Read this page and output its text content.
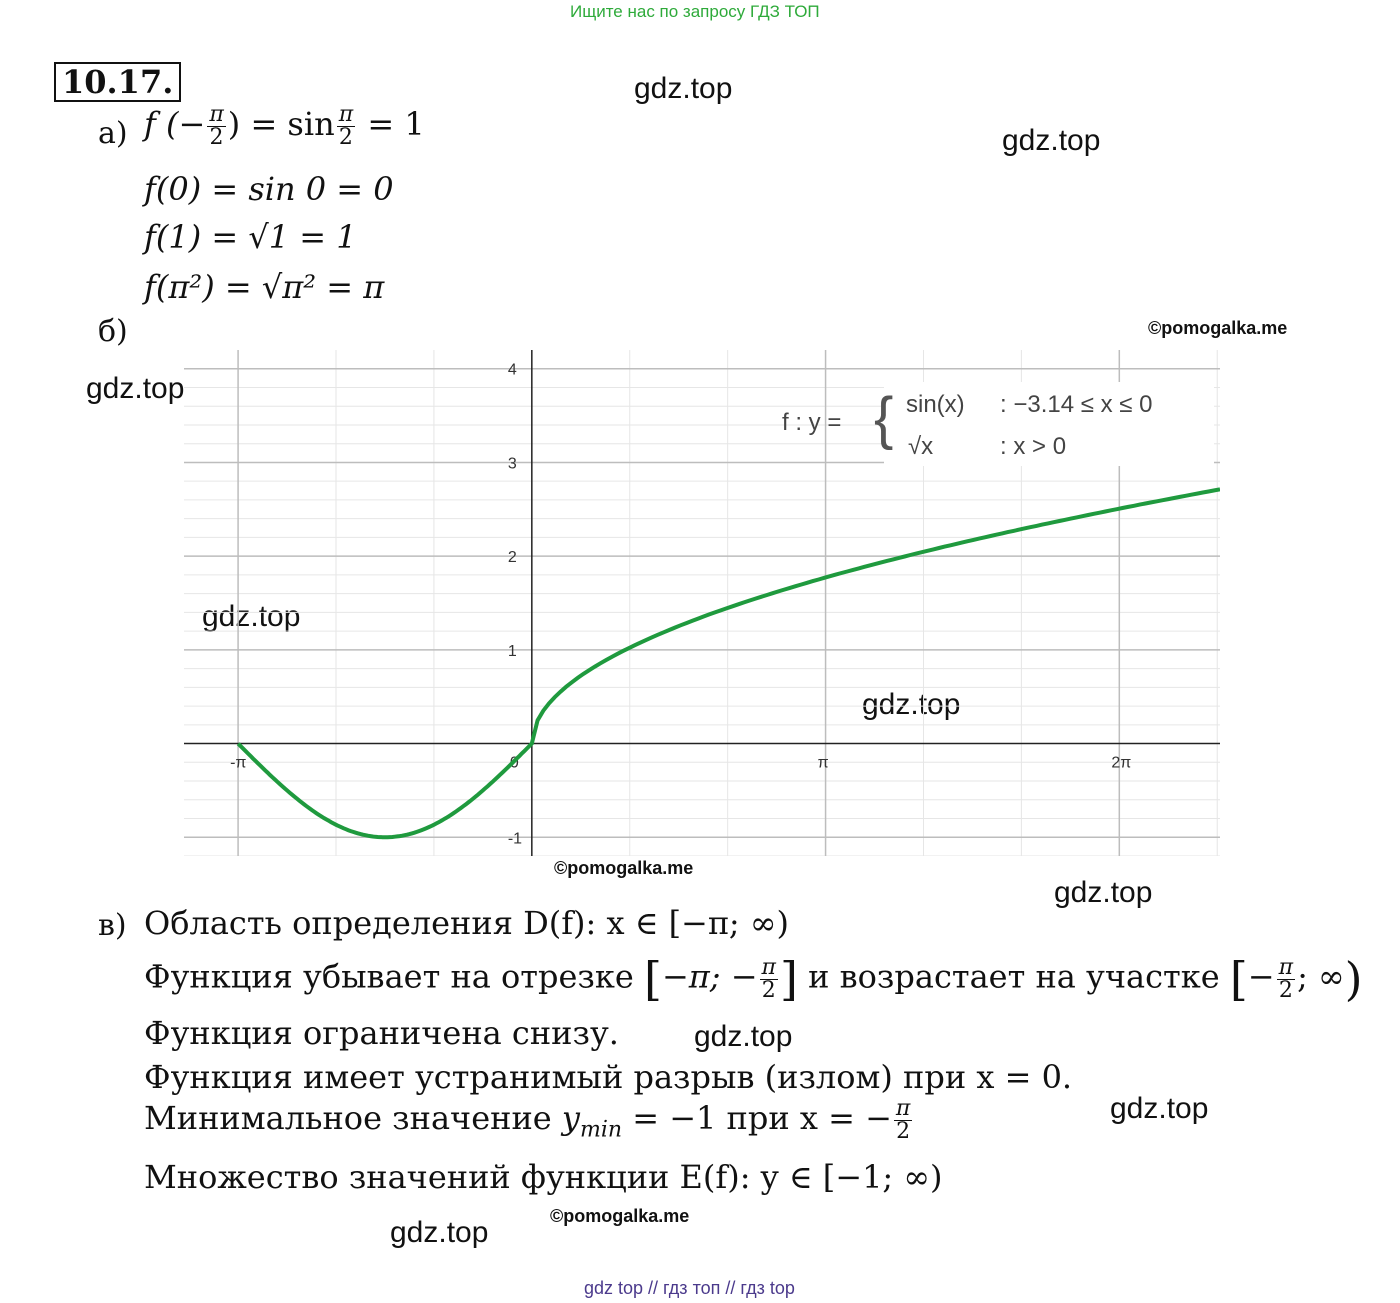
Ищите нас по запросу ГДЗ ТОП
10.17.	gdz.top
gdz.top
gdz.top
gdz.top
gdz.top
gdz.top
gdz.top
gdz.top
gdz.top
©pomogalka.me
©pomogalka.me
©pomogalka.me
а) f (− $\frac{\pi}{2}$ ) = $\sin \frac{\pi}{2} = 1$
f(0) = sin 0 = 0
f(1) = √1 = 1
f(π²) = √π² = π
б)
-π	0	π	2π
-1
1
2
3
4
f : y = { sin(x) : −3.14 ≤ x ≤ 0
√x	: x > 0
в) Область определения D(f): x ∈ [−π; ∞)
Функция убывает на отрезке [−π; − $\frac{\pi}{2}$ ] и возрастает на участке [− $\frac{\pi}{2}$ ; ∞)
Функция ограничена снизу.
Функция имеет устранимый разрыв (излом) при x = 0.
Минимальное значение $y_{min} = -1$ при x = − $\frac{\pi}{2}$
Множество значений функции E(f): y ∈ [−1; ∞)
gdz top // гдз топ // гдз top
